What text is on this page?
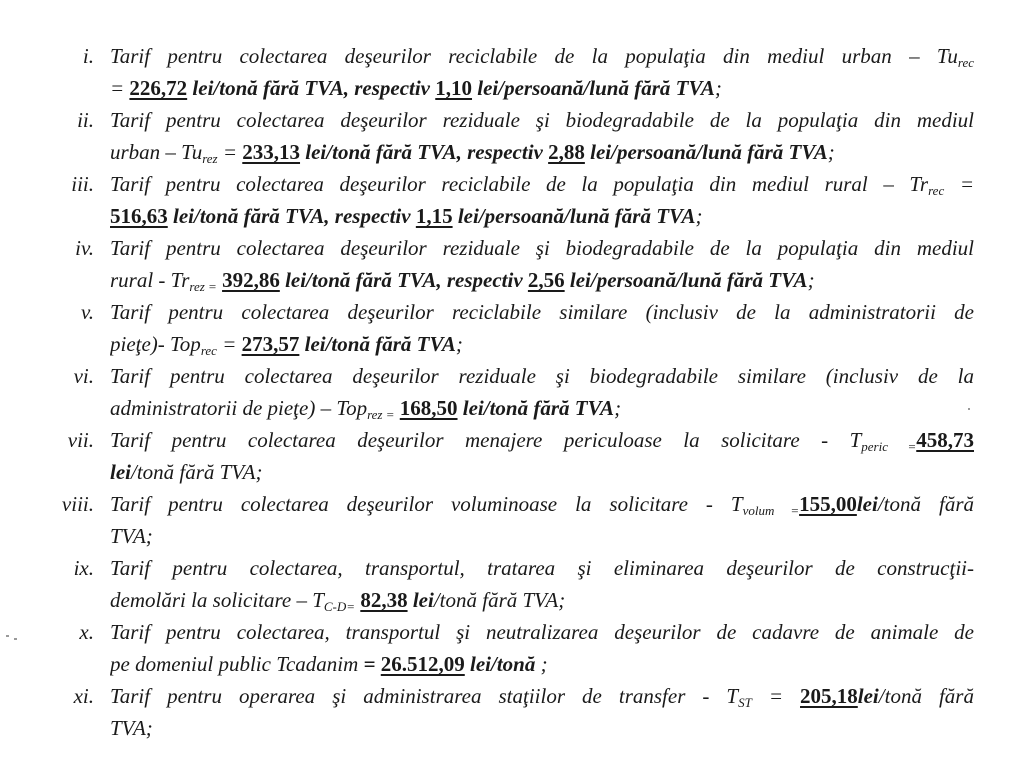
i. Tarif pentru colectarea deşeurilor reciclabile de la populaţia din mediul urban – $Tu_{rec}$
= 226,72 lei/tonă fără TVA, respectiv 1,10 lei/persoană/lună fără TVA;
ii. Tarif pentru colectarea deşeurilor reziduale şi biodegradabile de la populaţia din mediul
urban – $Tu_{rez} = 233,13$ lei/tonă fără TVA, respectiv 2,88 lei/persoană/lună fără TVA;
iii. Tarif pentru colectarea deşeurilor reciclabile de la populaţia din mediul rural – $Tr_{rec}$ =
516,63 lei/tonă fără TVA, respectiv 1,15 lei/persoană/lună fără TVA;
iv. Tarif pentru colectarea deşeurilor reziduale şi biodegradabile de la populaţia din mediul
rural - $Tr_{rez =}$ 392,86 lei/tonă fără TVA, respectiv 2,56 lei/persoană/lună fără TVA;
v. Tarif pentru colectarea deşeurilor reciclabile similare (inclusiv de la administratorii de
pieţe)- Top$_{rec}$ = 273,57 lei/tonă fără TVA;
vi. Tarif pentru colectarea deşeurilor reziduale şi biodegradabile similare (inclusiv de la
administratorii de pieţe) – Top$_{rez =}$ 168,50 lei/tonă fără TVA;
vii. Tarif pentru colectarea deşeurilor menajere periculoase la solicitare - $T_{peric =}458,73$
lei/tonă fără TVA;
viii. Tarif pentru colectarea deşeurilor voluminoase la solicitare - $T_{volum =}155,00lei$/tonă fără
TVA;
ix. Tarif pentru colectarea, transportul, tratarea şi eliminarea deşeurilor de construcţii-
demolări la solicitare – $T_{C-D=}$ 82,38 lei/tonă fără TVA;
x. Tarif pentru colectarea, transportul şi neutralizarea deşeurilor de cadavre de animale de
pe domeniul public Tcadanim = 26.512,09 lei/tonă ;
xi. Tarif pentru operarea şi administrarea staţiilor de transfer - $T_{ST}$ = 205,18lei/tonă fără
TVA;
